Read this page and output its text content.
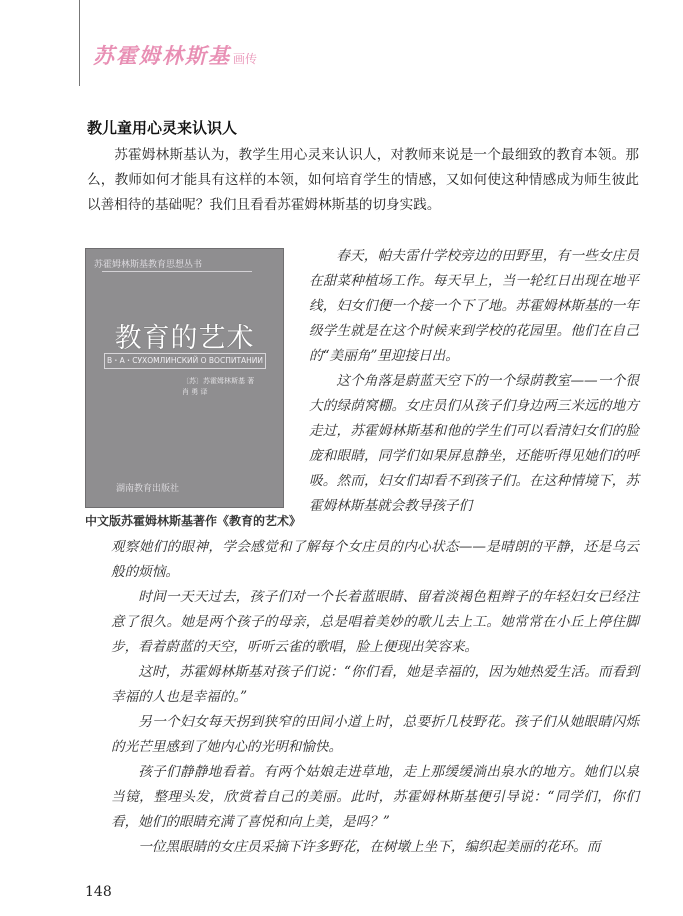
苏霍姆林斯基 画传
教儿童用心灵来认识人

苏霍姆林斯基认为，教学生用心灵来认识人，对教师来说是一个最细致的教育本领。那么，教师如何才能具有这样的本领，如何培育学生的情感，又如何使这种情感成为师生彼此以善相待的基础呢？我们且看看苏霍姆林斯基的切身实践。

苏霍姆林斯基教育思想丛书
教育的艺术
В・А・СУХОМЛИНСКИЙ О ВОСПИТАНИИ
〔苏〕苏霍姆林斯基 著
肖 勇 译
湖南教育出版社
中文版苏霍姆林斯基著作《教育的艺术》

春天，帕夫雷什学校旁边的田野里，有一些女庄员在甜菜种植场工作。每天早上，当一轮红日出现在地平线，妇女们便一个接一个下了地。苏霍姆林斯基的一年级学生就是在这个时候来到学校的花园里。他们在自己的“美丽角”里迎接日出。

这个角落是蔚蓝天空下的一个绿荫教室——一个很大的绿荫窝棚。女庄员们从孩子们身边两三米远的地方走过，苏霍姆林斯基和他的学生们可以看清妇女们的脸庞和眼睛，同学们如果屏息静坐，还能听得见她们的呼吸。然而，妇女们却看不到孩子们。在这种情境下，苏霍姆林斯基就会教导孩子们

观察她们的眼神，学会感觉和了解每个女庄员的内心状态——是晴朗的平静，还是乌云般的烦恼。

时间一天天过去，孩子们对一个长着蓝眼睛、留着淡褐色粗辫子的年轻妇女已经注意了很久。她是两个孩子的母亲，总是唱着美妙的歌儿去上工。她常常在小丘上停住脚步，看着蔚蓝的天空，听听云雀的歌唱，脸上便现出笑容来。

这时，苏霍姆林斯基对孩子们说：“你们看，她是幸福的，因为她热爱生活。而看到幸福的人也是幸福的。”

另一个妇女每天拐到狭窄的田间小道上时，总要折几枝野花。孩子们从她眼睛闪烁的光芒里感到了她内心的光明和愉快。

孩子们静静地看着。有两个姑娘走进草地，走上那缓缓淌出泉水的地方。她们以泉当镜，整理头发，欣赏着自己的美丽。此时，苏霍姆林斯基便引导说：“同学们，你们看，她们的眼睛充满了喜悦和向上美，是吗？”

一位黑眼睛的女庄员采摘下许多野花，在树墩上坐下，编织起美丽的花环。而

148
